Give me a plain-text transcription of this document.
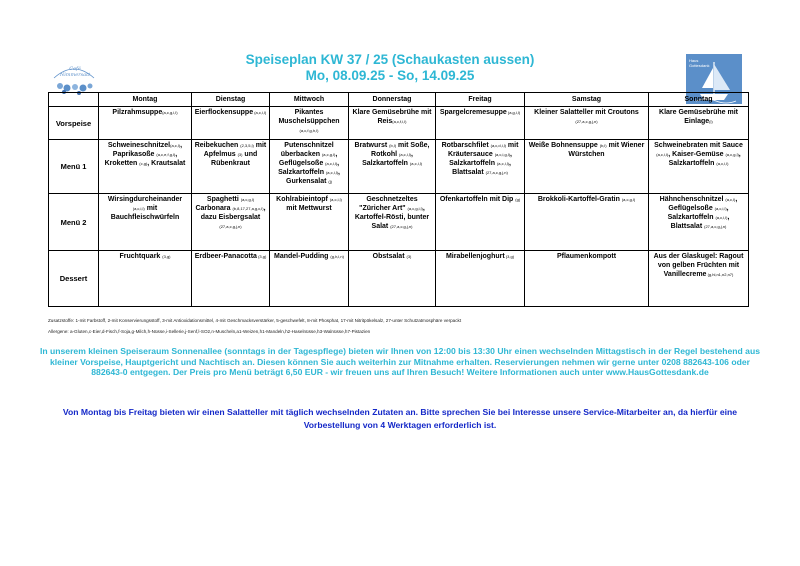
Café Nimmersatt
Haus Gottesdank
Speiseplan KW 37 / 25 (Schaukasten aussen)
Mo, 08.09.25 - So, 14.09.25
	Montag	Dienstag	Mittwoch	Donnerstag	Freitag	Samstag	Sonntag
Vorspeise	Pilzrahmsuppe(a,c,g,i,l)	Eierflockensuppe (a,c,i,l)	Pikantes Muschelsüppchen (a,c,f,g,h,l)	Klare Gemüsebrühe mit Reis(a,c,f,i,l)	Spargelcremesuppe (a,g,i,l)	Kleiner Salatteller mit Croutons (27,a,c,g,j,n)	Klare Gemüsebrühe mit Einlage(l)
Menü 1	Schweineschnitzel(a,c,l), Paprikasoße (a,c,e,f,g,l), Kroketten (c,g), Krautsalat	Reibekuchen (2,3,5,l) mit Apfelmus (3) und Rübenkraut	Putenschnitzel überbacken (a,c,g,l), Geflügelsoße (a,c,i,l), Salzkartoffeln (a,c,i,l), Gurkensalat (j)	Bratwurst (b,l) mit Soße, Rotkohl (a,c,i,l), Salzkartoffeln (a,c,i,l)	Rotbarschfilet (a,c,d,i,l) mit Kräutersauce (a,c,i,g,l), Salzkartoffeln (a,c,i,l), Blattsalat (27,a,c,g,j,n)	Weiße Bohnensuppe (b,l) mit Wiener Würstchen	Schweinebraten mit Sauce (a,c,i,l), Kaiser-Gemüse (a,c,g,l), Salzkartoffeln (a,c,i,l)
Menü 2	Wirsingdurcheinander (a,c,i,l) mit Bauchfleischwürfeln	Spaghetti (a,c,g,l) Carbonara (b,8,17,27,a,g,c,l), dazu Eisbergsalat (27,a,c,g,j,n)	Kohlrabieintopf (a,c,i,l) mit Mettwurst	Geschnetzeltes "Züricher Art" (a,c,g,i,l), Kartoffel-Rösti, bunter Salat (27,a,c,g,j,n)	Ofenkartoffeln mit Dip (g)	Brokkoli-Kartoffel-Gratin (a,c,g,l)	Hähnchenschnitzel (a,c,l), Geflügelsoße (a,c,i,l), Salzkartoffeln (a,c,i,l), Blattsalat (27,a,c,g,j,n)
Dessert	Fruchtquark (3,g)	Erdbeer-Panacotta (3,g)	Mandel-Pudding (g,h,l,n)	Obstsalat (3)	Mirabellenjoghurt (3,g)	Pflaumenkompott	Aus der Glaskugel: Ragout von gelben Früchten mit Vanillecreme (g,hl,n1,n2,n7)
Zusatzstoffe: 1-mit Farbstoff, 2-mit Konservierungsstoff, 3-mit Antioxidationsmittel, 4-mit Geschmacksverstärker, 5-geschwefelt, 8-mit Phosphat, 17-mit Nitritpökelsalz, 27-unter Schutzatmosphäre verpackt
Allergene: a-Gluten,c-Eier,d-Fisch,f-Soja,g-Milch,h-Nüsse,i-Sellerie,j-Senf,l-SO2,n-Muscheln,a1-Weizen,h1-Mandeln,h2-Haselnüsse,h3-Walnüsse,h7-Pistazien
In unserem kleinen Speiseraum Sonnenallee (sonntags in der Tagespflege) bieten wir Ihnen von 12:00 bis 13:30 Uhr einen wechselnden Mittagstisch in der Regel bestehend aus kleiner Vorspeise, Hauptgericht und Nachtisch an. Diesen können Sie auch weiterhin zur Mitnahme erhalten. Reservierungen nehmen wir gerne unter 0208 882643-106 oder 882643-0 entgegen. Der Preis pro Menü beträgt 6,50 EUR - wir freuen uns auf Ihren Besuch! Weitere Informationen auch unter www.HausGottesdank.de
Von Montag bis Freitag bieten wir einen Salatteller mit täglich wechselnden Zutaten an. Bitte sprechen Sie bei Interesse unsere Service-Mitarbeiter an, da hierfür eine Vorbestellung von 4 Werktagen erforderlich ist.
